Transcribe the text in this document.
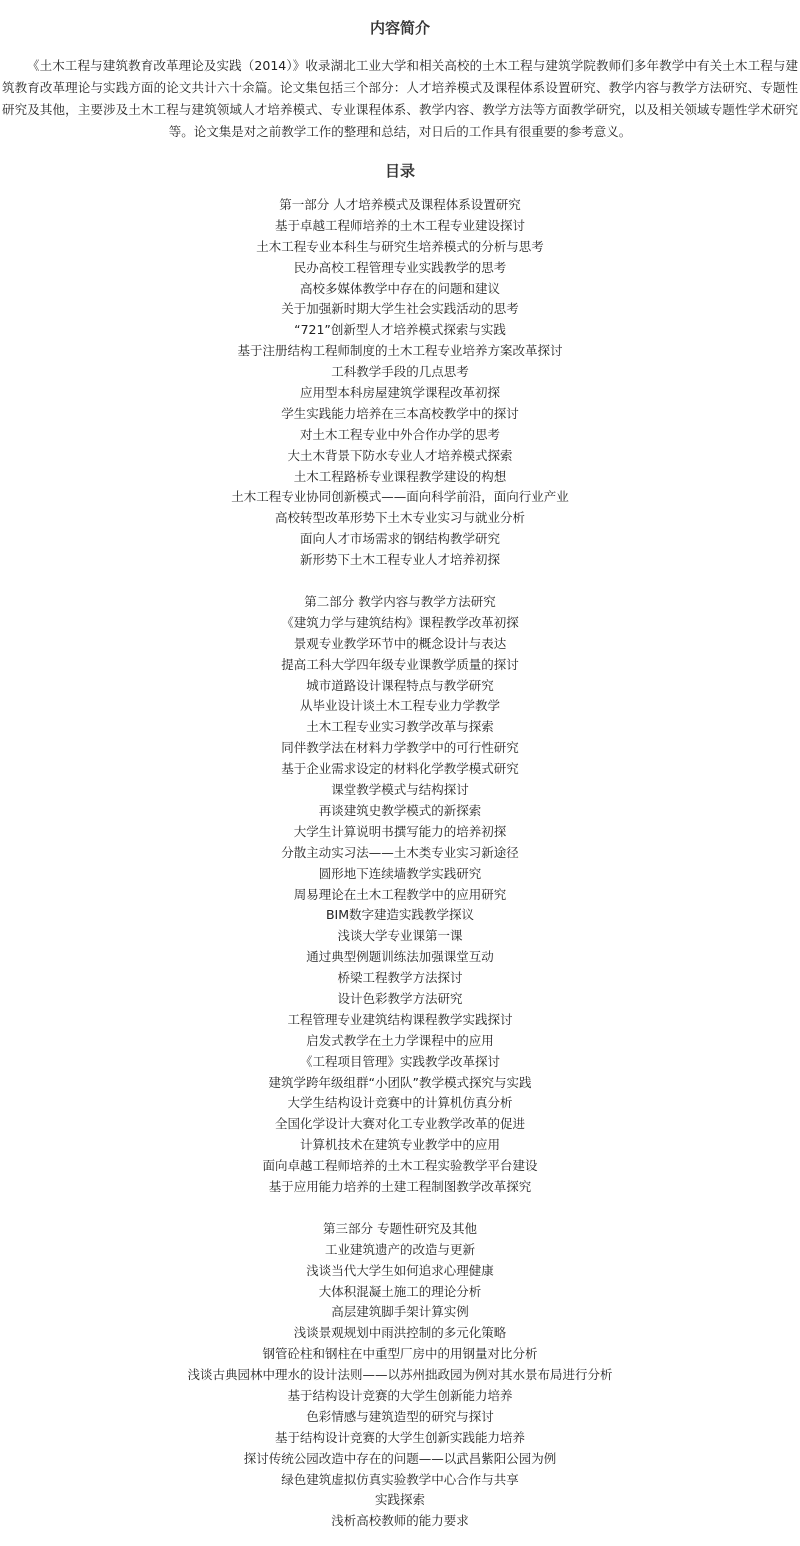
内容简介

《土木工程与建筑教育改革理论及实践（2014）》收录湖北工业大学和相关高校的土木工程与建筑学院教师们多年教学中有关土木工程与建筑教育改革理论与实践方面的论文共计六十余篇。论文集包括三个部分：人才培养模式及课程体系设置研究、教学内容与教学方法研究、专题性研究及其他，主要涉及土木工程与建筑领域人才培养模式、专业课程体系、教学内容、教学方法等方面教学研究，以及相关领域专题性学术研究等。论文集是对之前教学工作的整理和总结，对日后的工作具有很重要的参考意义。

目录
第一部分 人才培养模式及课程体系设置研究
基于卓越工程师培养的土木工程专业建设探讨
土木工程专业本科生与研究生培养模式的分析与思考
民办高校工程管理专业实践教学的思考
高校多媒体教学中存在的问题和建议
关于加强新时期大学生社会实践活动的思考
“721”创新型人才培养模式探索与实践
基于注册结构工程师制度的土木工程专业培养方案改革探讨
工科教学手段的几点思考
应用型本科房屋建筑学课程改革初探
学生实践能力培养在三本高校教学中的探讨
对土木工程专业中外合作办学的思考
大土木背景下防水专业人才培养模式探索
土木工程路桥专业课程教学建设的构想
土木工程专业协同创新模式——面向科学前沿，面向行业产业
高校转型改革形势下土木专业实习与就业分析
面向人才市场需求的钢结构教学研究
新形势下土木工程专业人才培养初探
第二部分 教学内容与教学方法研究
《建筑力学与建筑结构》课程教学改革初探
景观专业教学环节中的概念设计与表达
提高工科大学四年级专业课教学质量的探讨
城市道路设计课程特点与教学研究
从毕业设计谈土木工程专业力学教学
土木工程专业实习教学改革与探索
同伴教学法在材料力学教学中的可行性研究
基于企业需求设定的材料化学教学模式研究
课堂教学模式与结构探讨
再谈建筑史教学模式的新探索
大学生计算说明书撰写能力的培养初探
分散主动实习法——土木类专业实习新途径
圆形地下连续墙教学实践研究
周易理论在土木工程教学中的应用研究
BIM数字建造实践教学探议
浅谈大学专业课第一课
通过典型例题训练法加强课堂互动
桥梁工程教学方法探讨
设计色彩教学方法研究
工程管理专业建筑结构课程教学实践探讨
启发式教学在土力学课程中的应用
《工程项目管理》实践教学改革探讨
建筑学跨年级组群“小团队”教学模式探究与实践
大学生结构设计竞赛中的计算机仿真分析
全国化学设计大赛对化工专业教学改革的促进
计算机技术在建筑专业教学中的应用
面向卓越工程师培养的土木工程实验教学平台建设
基于应用能力培养的土建工程制图教学改革探究
第三部分 专题性研究及其他
工业建筑遗产的改造与更新
浅谈当代大学生如何追求心理健康
大体积混凝土施工的理论分析
高层建筑脚手架计算实例
浅谈景观规划中雨洪控制的多元化策略
钢管砼柱和钢柱在中重型厂房中的用钢量对比分析
浅谈古典园林中理水的设计法则——以苏州拙政园为例对其水景布局进行分析
基于结构设计竞赛的大学生创新能力培养
色彩情感与建筑造型的研究与探讨
基于结构设计竞赛的大学生创新实践能力培养
探讨传统公园改造中存在的问题——以武昌紫阳公园为例
绿色建筑虚拟仿真实验教学中心合作与共享
实践探索
浅析高校教师的能力要求
